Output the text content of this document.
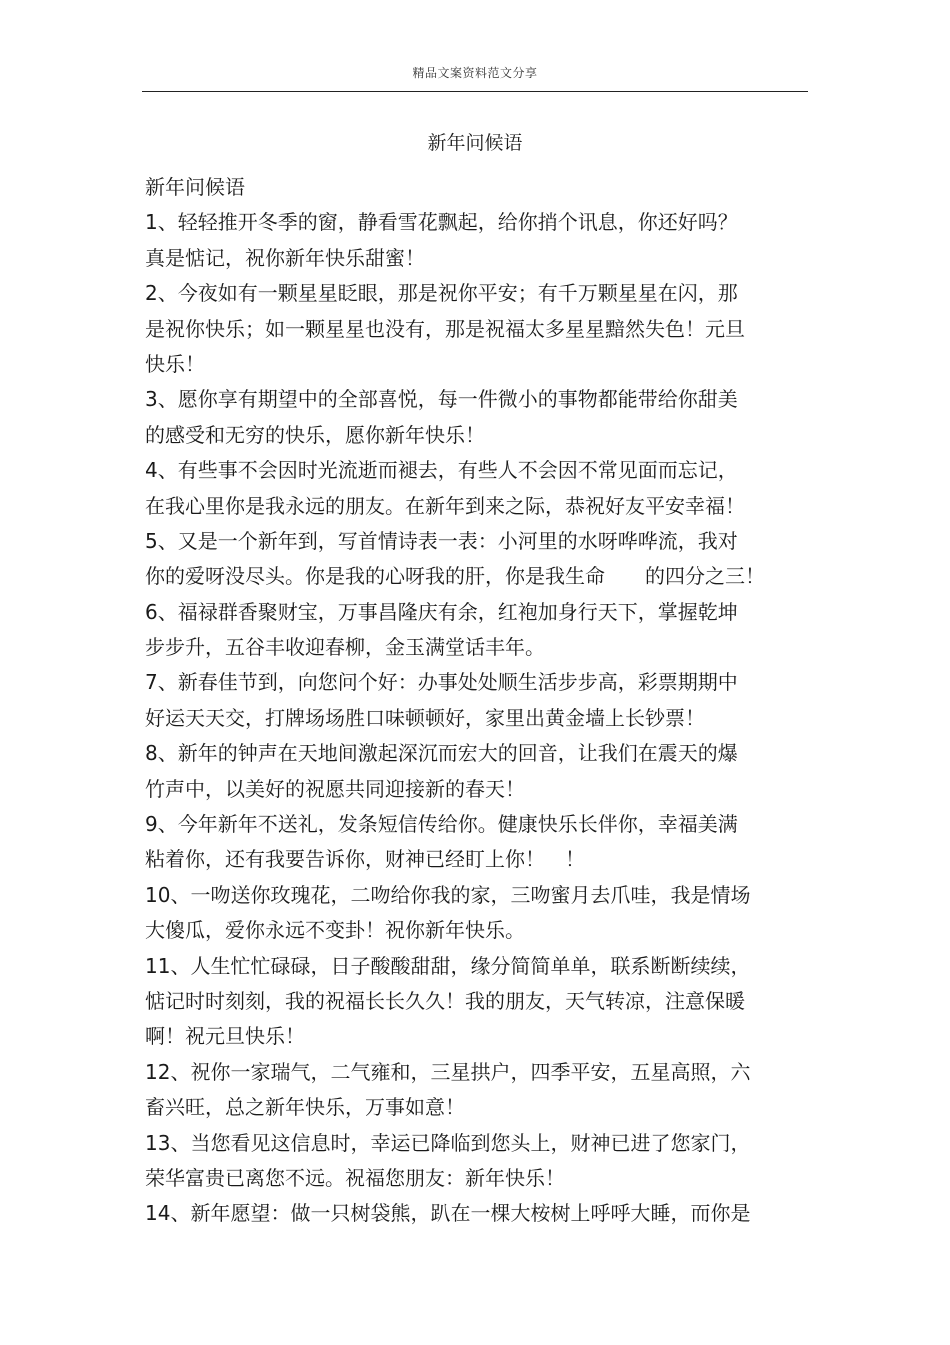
精品文案资料范文分享
新年问候语
新年问候语
1、轻轻推开冬季的窗，静看雪花飘起，给你捎个讯息，你还好吗？
真是惦记，祝你新年快乐甜蜜！
2、今夜如有一颗星星眨眼，那是祝你平安；有千万颗星星在闪，那
是祝你快乐；如一颗星星也没有，那是祝福太多星星黯然失色！元旦
快乐！
3、愿你享有期望中的全部喜悦，每一件微小的事物都能带给你甜美
的感受和无穷的快乐，愿你新年快乐！
4、有些事不会因时光流逝而褪去，有些人不会因不常见面而忘记，
在我心里你是我永远的朋友。在新年到来之际，恭祝好友平安幸福！
5、又是一个新年到，写首情诗表一表：小河里的水呀哗哗流，我对
你的爱呀没尽头。你是我的心呀我的肝，你是我生命　　的四分之三！
6、福禄群香聚财宝，万事昌隆庆有余，红袍加身行天下，掌握乾坤
步步升，五谷丰收迎春柳，金玉满堂话丰年。
7、新春佳节到，向您问个好：办事处处顺生活步步高，彩票期期中
好运天天交，打牌场场胜口味顿顿好，家里出黄金墙上长钞票！
8、新年的钟声在天地间激起深沉而宏大的回音，让我们在震天的爆
竹声中，以美好的祝愿共同迎接新的春天！
9、今年新年不送礼，发条短信传给你。健康快乐长伴你，幸福美满
粘着你，还有我要告诉你，财神已经盯上你！　！
10、一吻送你玫瑰花，二吻给你我的家，三吻蜜月去爪哇，我是情场
大傻瓜，爱你永远不变卦！祝你新年快乐。
11、人生忙忙碌碌，日子酸酸甜甜，缘分简简单单，联系断断续续，
惦记时时刻刻，我的祝福长长久久！我的朋友，天气转凉，注意保暖
啊！祝元旦快乐！
12、祝你一家瑞气，二气雍和，三星拱户，四季平安，五星高照，六
畜兴旺，总之新年快乐，万事如意！
13、当您看见这信息时，幸运已降临到您头上，财神已进了您家门，
荣华富贵已离您不远。祝福您朋友：新年快乐！
14、新年愿望：做一只树袋熊，趴在一棵大桉树上呼呼大睡，而你是
